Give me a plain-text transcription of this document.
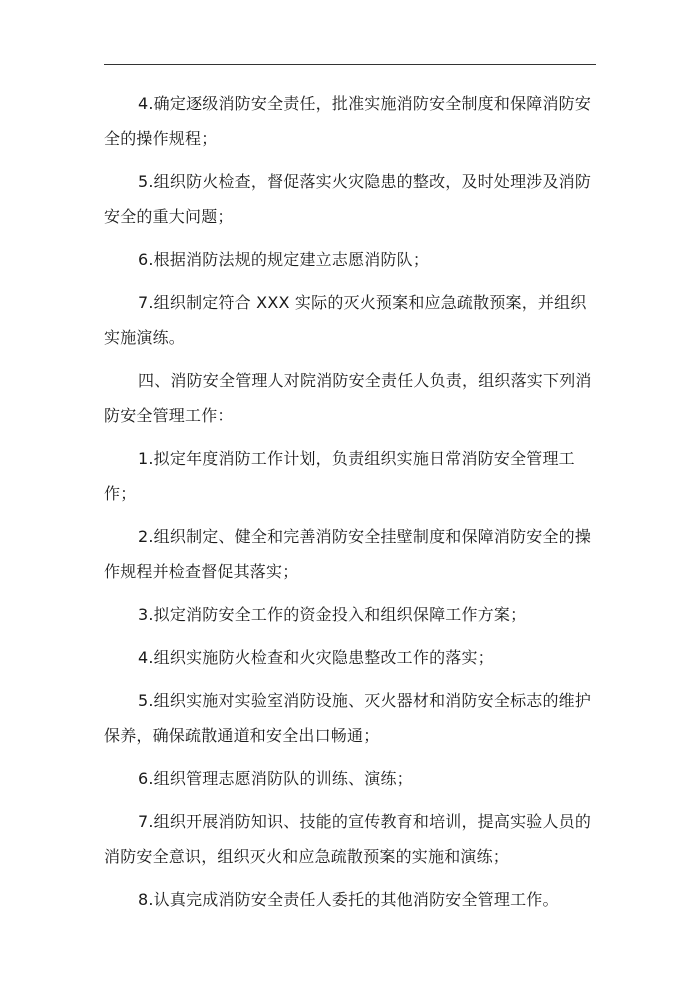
4.确定逐级消防安全责任，批准实施消防安全制度和保障消防安全的操作规程；

5.组织防火检查，督促落实火灾隐患的整改，及时处理涉及消防安全的重大问题；

6.根据消防法规的规定建立志愿消防队；

7.组织制定符合 XXX 实际的灭火预案和应急疏散预案，并组织实施演练。

四、消防安全管理人对院消防安全责任人负责，组织落实下列消防安全管理工作：

1.拟定年度消防工作计划，负责组织实施日常消防安全管理工作；

2.组织制定、健全和完善消防安全挂壁制度和保障消防安全的操作规程并检查督促其落实；

3.拟定消防安全工作的资金投入和组织保障工作方案；

4.组织实施防火检查和火灾隐患整改工作的落实；

5.组织实施对实验室消防设施、灭火器材和消防安全标志的维护保养，确保疏散通道和安全出口畅通；

6.组织管理志愿消防队的训练、演练；

7.组织开展消防知识、技能的宣传教育和培训，提高实验人员的消防安全意识，组织灭火和应急疏散预案的实施和演练；

8.认真完成消防安全责任人委托的其他消防安全管理工作。
